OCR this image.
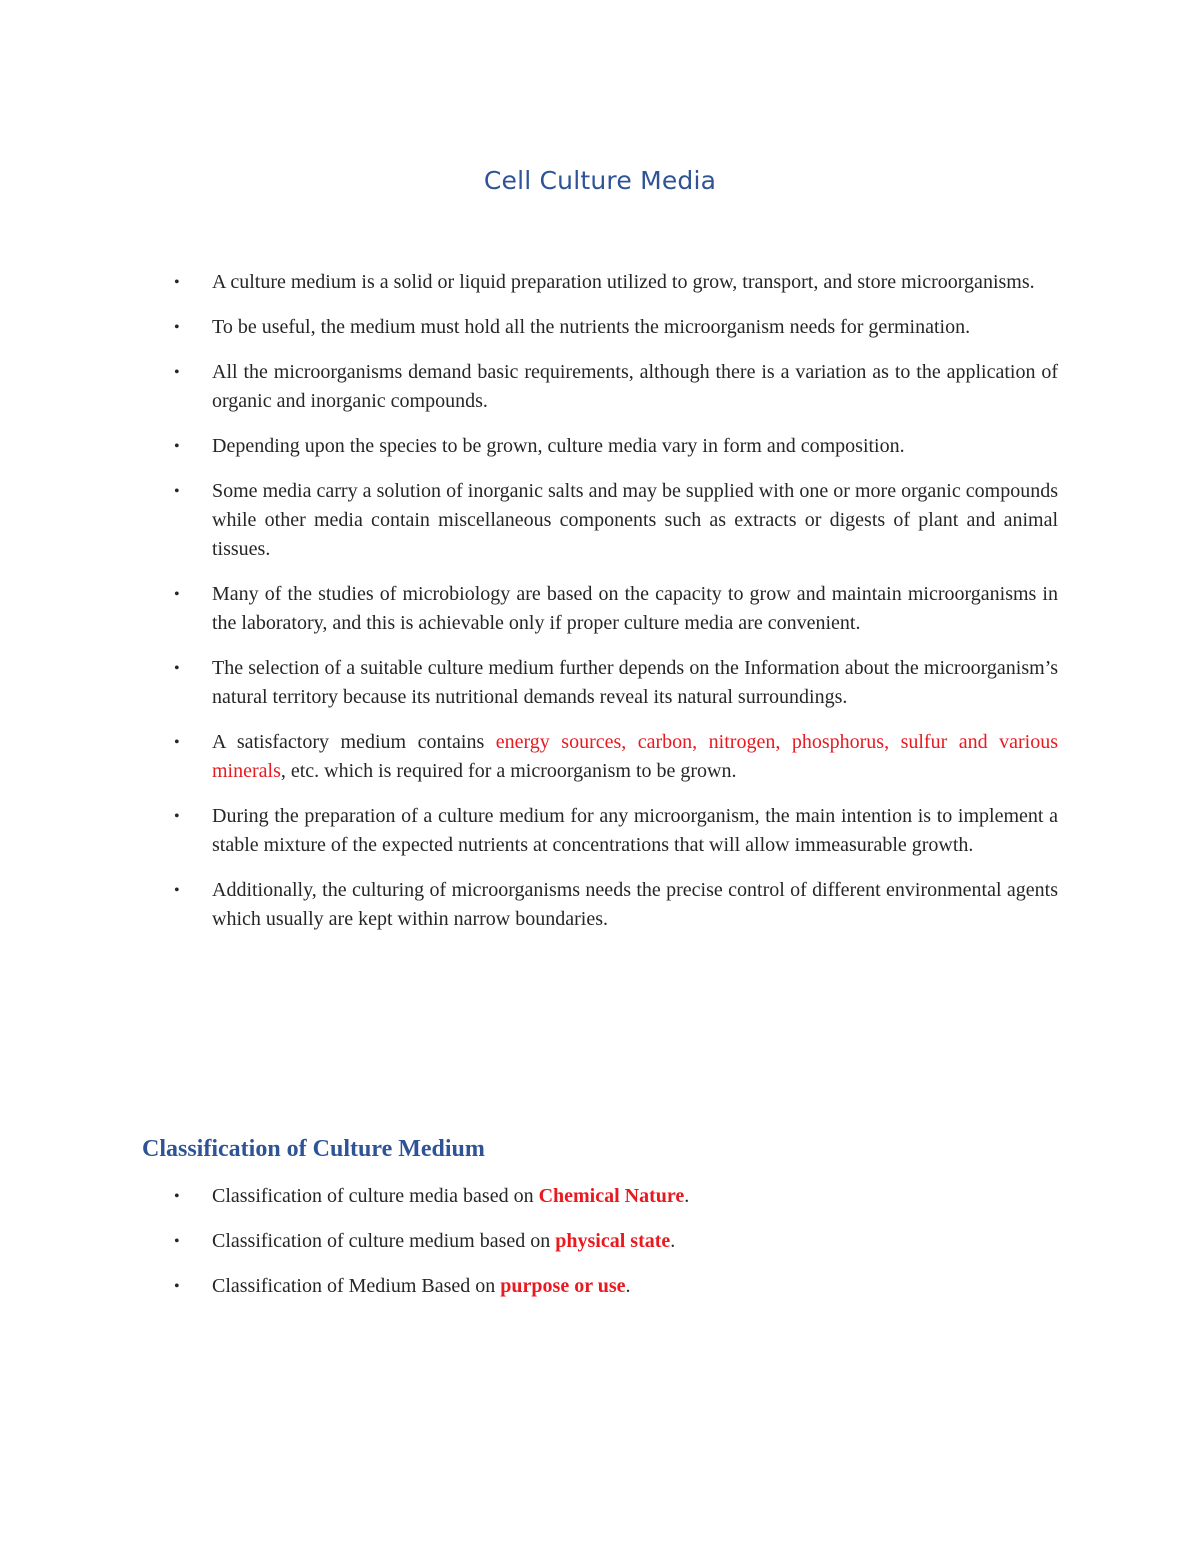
Cell Culture Media
• A culture medium is a solid or liquid preparation utilized to grow, transport, and store microorganisms.
• To be useful, the medium must hold all the nutrients the microorganism needs for germination.
• All the microorganisms demand basic requirements, although there is a variation as to the application of organic and inorganic compounds.
• Depending upon the species to be grown, culture media vary in form and composition.
• Some media carry a solution of inorganic salts and may be supplied with one or more organic compounds while other media contain miscellaneous components such as extracts or digests of plant and animal tissues.
• Many of the studies of microbiology are based on the capacity to grow and maintain microorganisms in the laboratory, and this is achievable only if proper culture media are convenient.
• The selection of a suitable culture medium further depends on the Information about the microorganism’s natural territory because its nutritional demands reveal its natural surroundings.
• A satisfactory medium contains energy sources, carbon, nitrogen, phosphorus, sulfur and various minerals, etc. which is required for a microorganism to be grown.
• During the preparation of a culture medium for any microorganism, the main intention is to implement a stable mixture of the expected nutrients at concentrations that will allow immeasurable growth.
• Additionally, the culturing of microorganisms needs the precise control of different environmental agents which usually are kept within narrow boundaries.
Classification of Culture Medium
• Classification of culture media based on Chemical Nature.
• Classification of culture medium based on physical state.
• Classification of Medium Based on purpose or use.
